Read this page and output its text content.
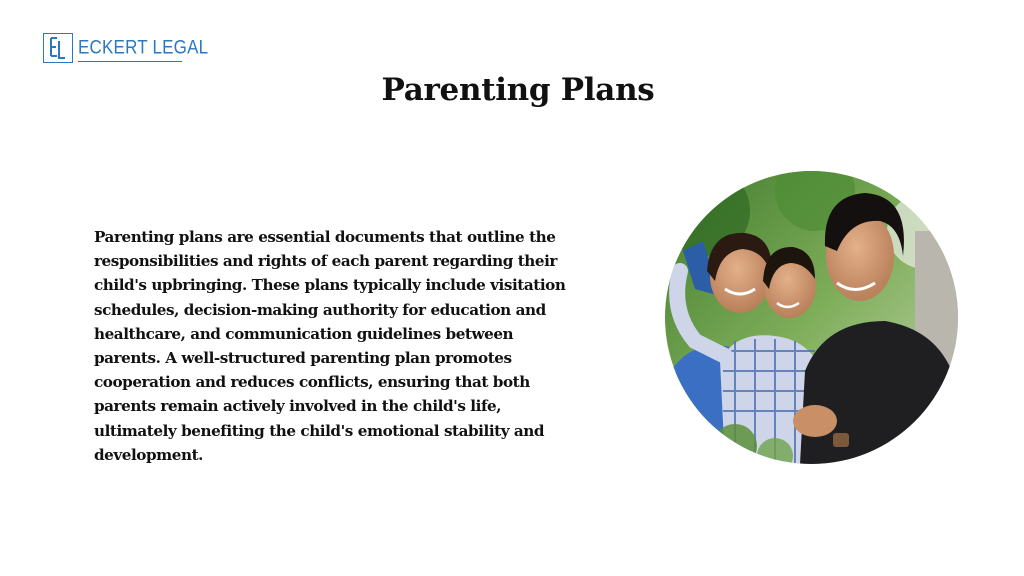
ECKERT LEGAL
Parenting Plans

Parenting plans are essential documents that outline the responsibilities and rights of each parent regarding their child's upbringing. These plans typically include visitation schedules, decision-making authority for education and healthcare, and communication guidelines between parents. A well-structured parenting plan promotes cooperation and reduces conflicts, ensuring that both parents remain actively involved in the child's life, ultimately benefiting the child's emotional stability and development.
